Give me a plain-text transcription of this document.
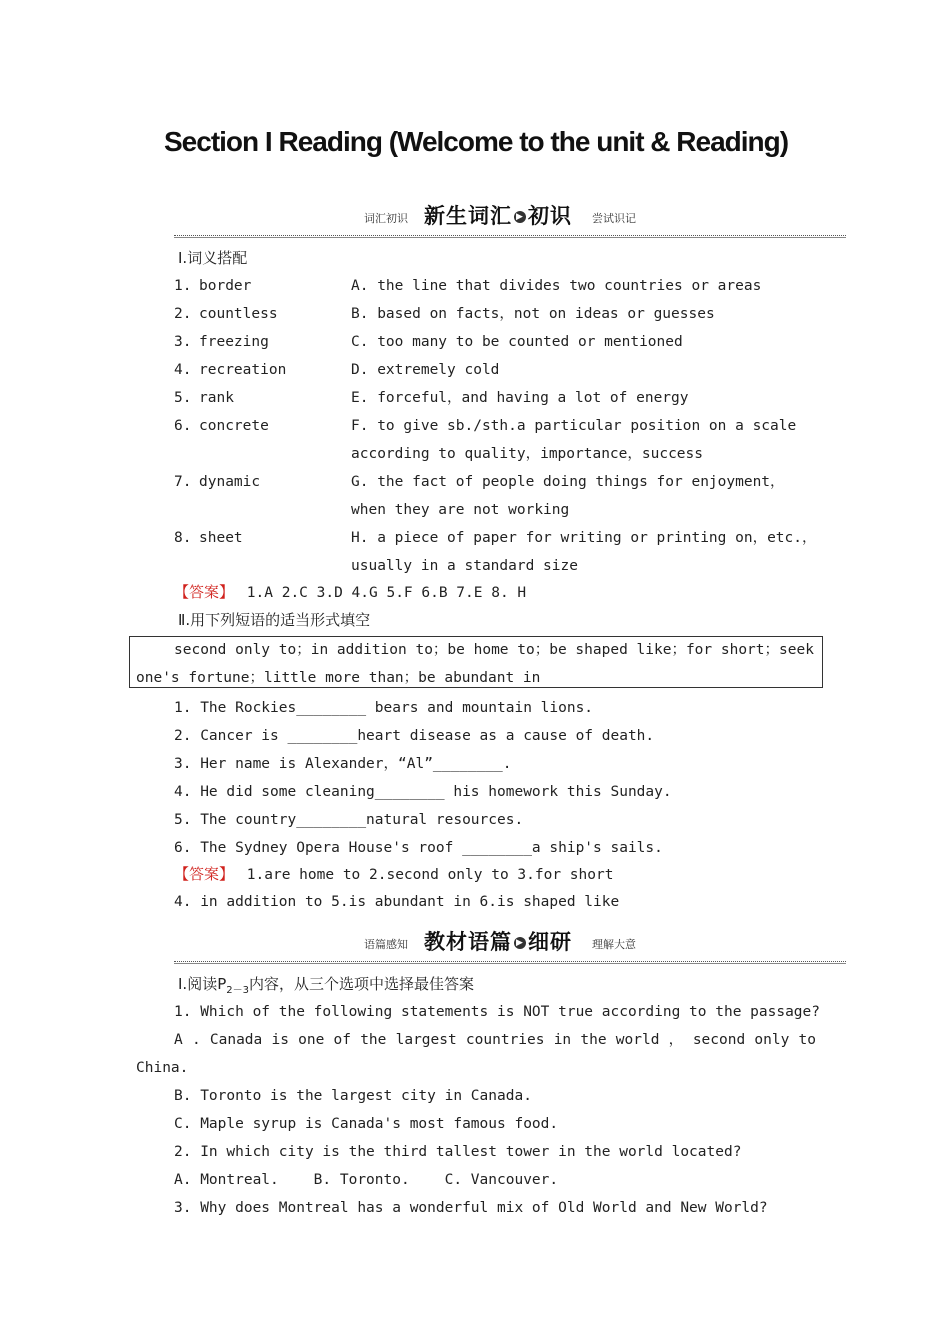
Section I Reading (Welcome to the unit & Reading)
词汇初识 新生词汇 ▶ 初识 尝试识记
Ⅰ.词义搭配
1. border	A. the line that divides two countries or areas
2. countless	B. based on facts，not on ideas or guesses
3. freezing	C. too many to be counted or mentioned
4. recreation	D. extremely cold
5. rank	E. forceful，and having a lot of energy
6. concrete	F. to give sb./sth.a particular position on a scale
according to quality，importance，success
7. dynamic	G. the fact of people doing things for enjoyment，
when they are not working
8. sheet	H. a piece of paper for writing or printing on，etc.，
usually in a standard size
【答案】 1.A 2.C 3.D 4.G 5.F 6.B 7.E 8. H
Ⅱ.用下列短语的适当形式填空
second only to；in addition to；be home to；be shaped like；for short；seek
one's fortune；little more than；be abundant in
1. The Rockies________ bears and mountain lions.
2. Cancer is ________heart disease as a cause of death.
3. Her name is Alexander，“Al”________.
4. He did some cleaning________ his homework this Sunday.
5. The country________natural resources.
6. The Sydney Opera House's roof ________a ship's sails.
【答案】 1.are home to 2.second only to 3.for short
4. in addition to 5.is abundant in 6.is shaped like
语篇感知 教材语篇 ▶ 细研 理解大意
Ⅰ.阅读$P_{2-3}$内容，从三个选项中选择最佳答案
1. Which of the following statements is NOT true according to the passage?
A . Canada is one of the largest countries in the world ， second only to
China.
B. Toronto is the largest city in Canada.
C. Maple syrup is Canada's most famous food.
2. In which city is the third tallest tower in the world located?
A. Montreal.    B. Toronto.    C. Vancouver.
3. Why does Montreal has a wonderful mix of Old World and New World?
